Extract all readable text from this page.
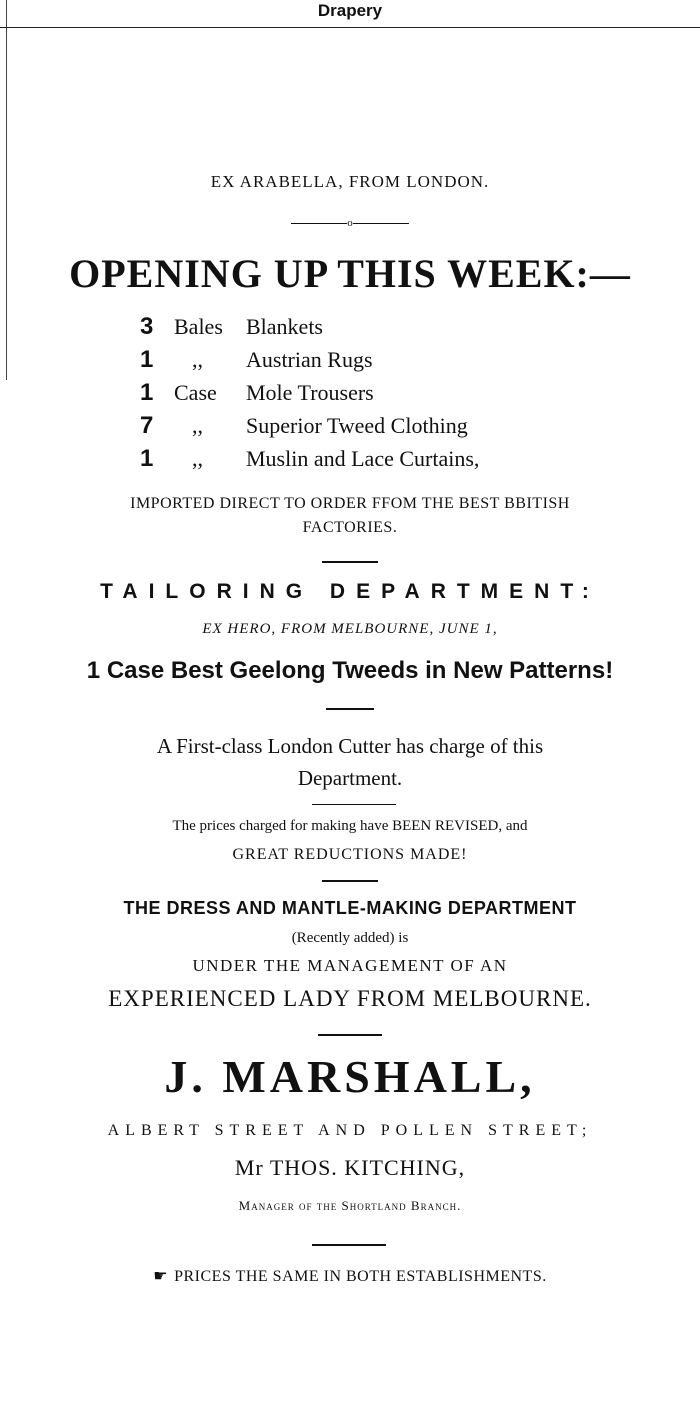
Drapery
EX ARABELLA, FROM LONDON.
o
OPENING UP THIS WEEK:—
3 Bales	Blankets
1	,,	Austrian Rugs
1 Case	Mole Trousers
7	,,	Superior Tweed Clothing
1	,,	Muslin and Lace Curtains,
IMPORTED DIRECT TO ORDER FFOM THE BEST BBITISH
FACTORIES.
TAILORING DEPARTMENT:
EX HERO, FROM MELBOURNE, JUNE 1,
1 Case Best Geelong Tweeds in New Patterns!
A First-class London Cutter has charge of this
Department.
The prices charged for making have BEEN REVISED, and
GREAT REDUCTIONS MADE!
THE DRESS AND MANTLE-MAKING DEPARTMENT
(Recently added) is
UNDER THE MANAGEMENT OF AN
EXPERIENCED LADY FROM MELBOURNE.
J. MARSHALL,
ALBERT STREET AND POLLEN STREET;
Mr THOS. KITCHING,
Manager of the Shortland Branch.
☛ PRICES THE SAME IN BOTH ESTABLISHMENTS.
